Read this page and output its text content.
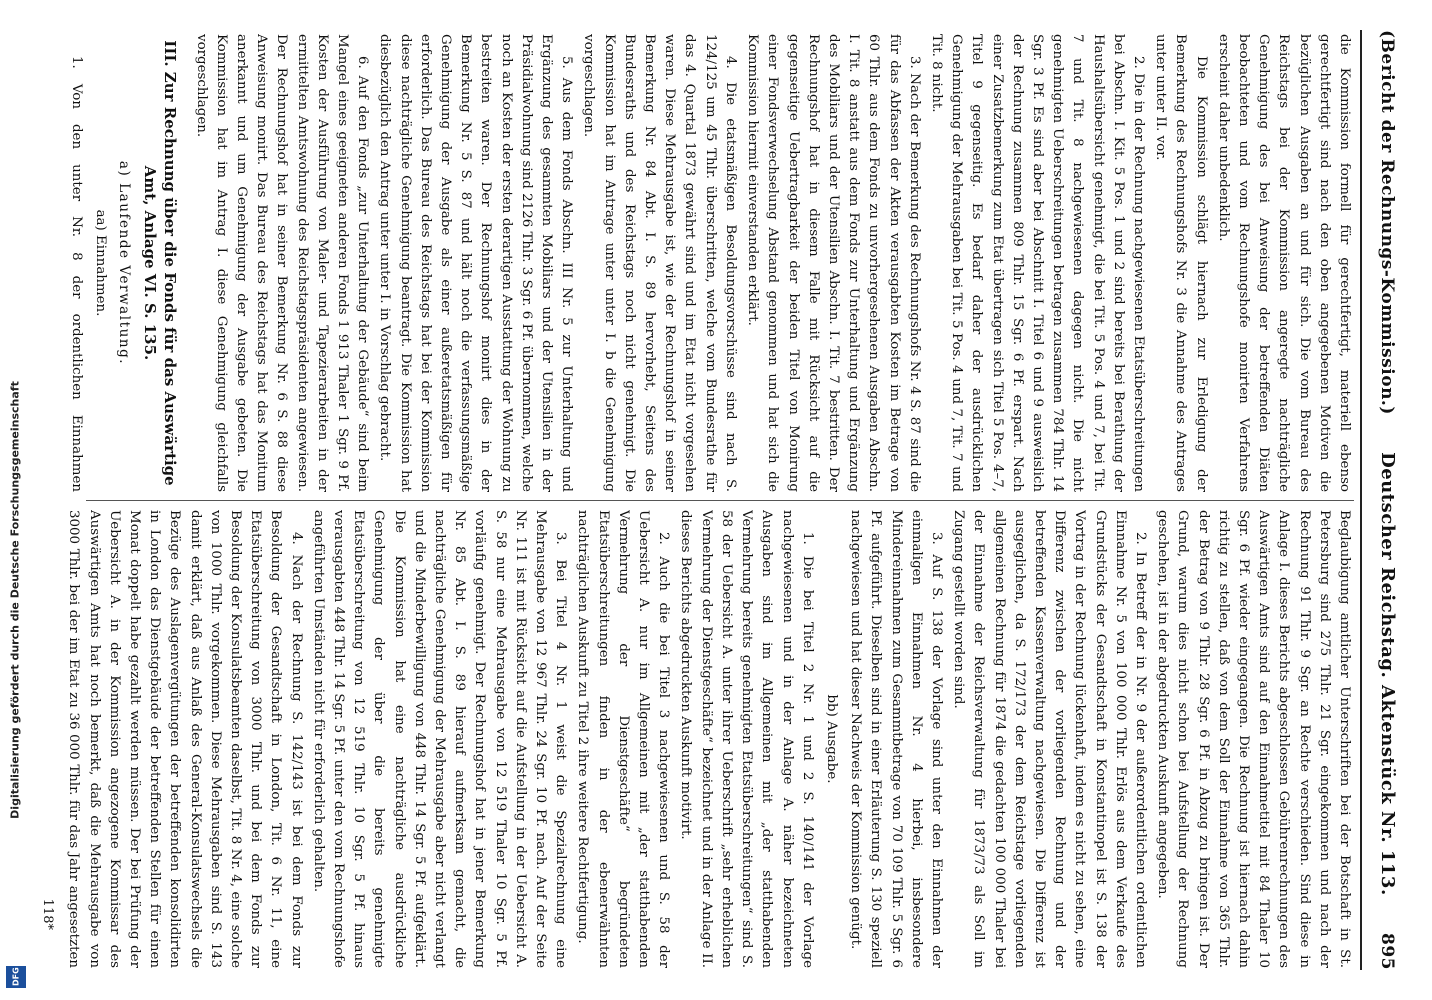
(Bericht der Rechnungs-Kommission.)
Deutscher Reichstag. Aktenstück Nr. 113.
895

die Kommission formell für gerechtfertigt, materiell ebenso gerechtfertigt sind nach den oben angegebenen Motiven die bezüglichen Ausgaben an und für sich. Die vom Bureau des Reichstags bei der Kommission angeregte nachträgliche Genehmigung des bei Anweisung der betreffenden Diäten beobachteten und vom Rechnungshofe monirten Verfahrens erscheint daher unbedenklich.

Die Kommission schlägt hiernach zur Erledigung der Bemerkung des Rechnungshofs Nr. 3 die Annahme des Antrages unter unter II. vor.

2. Die in der Rechnung nachgewiesenen Etatsüberschreitungen bei Abschn. I. Kit. 5 Pos. 1 und 2 sind bereits bei Berathung der Haushaltsübersicht genehmigt, die bei Tit. 5 Pos. 4 und 7, bei Tit. 7 und Tit. 8 nachgewiesenen dagegen nicht. Die nicht genehmigten Ueberschreitungen betragen zusammen 784 Thlr. 14 Sgr. 3 Pf. Es sind aber bei Abschnitt I. Titel 6 und 9 ausweislich der Rechnung zusammen 809 Thlr. 15 Sgr. 6 Pf. erspart. Nach einer Zusatzbemerkung zum Etat übertragen sich Titel 5 Pos. 4–7, Titel 9 gegenseitig. Es bedarf daher der ausdrücklichen Genehmigung der Mehrausgaben bei Tit. 5 Pos. 4 und 7, Tit. 7 und Tit. 8 nicht.

3. Nach der Bemerkung des Rechnungshofs Nr. 4 S. 87 sind die für das Abfassen der Akten verausgabten Kosten im Betrage von 60 Thlr. aus dem Fonds zu unvorhergesehenen Ausgaben Abschn. I. Tit. 8 anstatt aus dem Fonds zur Unterhaltung und Ergänzung des Mobiliars und der Utensilien Abschn. I. Tit. 7 bestritten. Der Rechnungshof hat in diesem Falle mit Rücksicht auf die gegenseitige Uebertragbarkeit der beiden Titel von Monirung einer Fondsverwechselung Abstand genommen und hat sich die Kommission hiermit einverstanden erklärt.

4. Die etatsmäßigen Besoldungsvorschüsse sind nach S. 124/125 um 45 Thlr. überschritten, welche vom Bundesrathe für das 4. Quartal 1873 gewährt sind und im Etat nicht vorgesehen waren. Diese Mehrausgabe ist, wie der Rechnungshof in seiner Bemerkung Nr. 84 Abt. I. S. 89 hervorhebt, Seitens des Bundesraths und des Reichstags noch nicht genehmigt. Die Kommission hat im Antrage unter unter I. b die Genehmigung vorgeschlagen.

5. Aus dem Fonds Abschn. III Nr. 5 zur Unterhaltung und Ergänzung des gesammten Mobiliars und der Utensilien in der Präsidialwohnung sind 2126 Thlr. 3 Sgr. 6 Pf. übernommen, welche noch an Kosten der ersten derartigen Ausstattung der Wohnung zu bestreiten waren. Der Rechnungshof monirt dies in der Bemerkung Nr. 5 S. 87 und hält noch die verfassungsmäßige Genehmigung der Ausgabe als einer außeretatsmäßigen für erforderlich. Das Bureau des Reichstags hat bei der Kommission diese nachträgliche Genehmigung beantragt. Die Kommission hat diesbezüglich den Antrag unter unter I. in Vorschlag gebracht.

6. Auf den Fonds „zur Unterhaltung der Gebäude“ sind beim Mangel eines geeigneten anderen Fonds 1 913 Thaler 1 Sgr. 9 Pf. Kosten der Ausführung von Maler- und Tapezierarbeiten in der ermittelten Amtswohnung des Reichstagspräsidenten angewiesen. Der Rechnungshof hat in seiner Bemerkung Nr. 6 S. 88 diese Anweisung monirt. Das Bureau des Reichstags hat das Monitum anerkannt und um Genehmigung der Ausgabe gebeten. Die Kommission hat im Antrag I. diese Genehmigung gleichfalls vorgeschlagen.

III. Zur Rechnung über die Fonds für das Auswärtige Amt, Anlage VI. S. 135.
a) Laufende Verwaltung.
aa) Einnahmen.

1. Von den unter Nr. 8 der ordentlichen Einnahmen

Beglaubigung amtlicher Unterschriften bei der Botschaft in St. Petersburg sind 275 Thlr. 21 Sgr. eingekommen und nach der Rechnung 91 Thlr. 9 Sgr. an Rechte verschieden. Sind diese in Anlage I. dieses Berichts abgeschlossen Gebührenrechnungen des Auswärtigen Amts sind auf den Einnahmetitel mit 84 Thaler 10 Sgr. 6 Pf. wieder eingegangen. Die Rechnung ist hiernach dahin richtig zu stellen, daß von dem Soll der Einnahme von 365 Thlr. der Betrag von 9 Thlr. 28 Sgr. 6 Pf. in Abzug zu bringen ist. Der Grund, warum dies nicht schon bei Aufstellung der Rechnung geschehen, ist in der abgedruckten Auskunft angegeben.

2. In Betreff der in Nr. 9 der außerordentlichen ordentlichen Einnahme Nr. 5 von 100 000 Thlr. Erlös aus dem Verkaufe des Grundstücks der Gesandtschaft in Konstantinopel ist S. 138 der Vortrag in der Rechnung lückenhaft, indem es nicht zu sehen, eine Differenz zwischen der vorliegenden Rechnung und der betreffenden Kassenverwaltung nachgewiesen. Die Differenz ist ausgeglichen, da S. 172/173 der dem Reichstage vorliegenden allgemeinen Rechnung für 1874 die gedachten 100 000 Thaler bei der Einnahme der Reichsverwaltung für 1873/73 als Soll im Zugang gestellt worden sind.

3. Auf S. 138 der Vorlage sind unter den Einnahmen der einmaligen Einnahmen Nr. 4 hierbei, insbesondere Mindereinnahmen zum Gesammtbetrage von 70 109 Thlr. 5 Sgr. 6 Pf. aufgeführt. Dieselben sind in einer Erläuterung S. 130 speziell nachgewiesen und hat dieser Nachweis der Kommission genügt.

bb) Ausgabe.

1. Die bei Titel 2 Nr. 1 und 2 S. 140/141 der Vorlage nachgewiesenen und in der Anlage A. näher bezeichneten Ausgaben sind im Allgemeinen mit „der statthabenden Vermehrung bereits genehmigten Etatsüberschreitungen“ sind S. 58 der Uebersicht A. unter ihrer Ueberschrift „sehr erheblichen Vermehrung der Dienstgeschäfte“ bezeichnet und in der Anlage II. dieses Berichts abgedruckten Auskunft motivirt.

2. Auch die bei Titel 3 nachgewiesenen und S. 58 der Uebersicht A. nur im Allgemeinen mit „der statthabenden Vermehrung der Dienstgeschäfte“ begründeten Etatsüberschreitungen finden in der ebenerwähnten nachträglichen Auskunft zu Titel 2 ihre weitere Rechtfertigung.

3. Bei Titel 4 Nr. 1 weist die Spezialrechnung eine Mehrausgabe von 12 967 Thlr. 24 Sgr. 10 Pf. nach. Auf der Seite Nr. 111 ist mit Rücksicht auf die Aufstellung in der Uebersicht A. S. 58 nur eine Mehrausgabe von 12 519 Thaler 10 Sgr. 5 Pf. vorläufig genehmigt. Der Rechnungshof hat in jener Bemerkung Nr. 85 Abt. I. S. 89 hierauf aufmerksam gemacht, die nachträgliche Genehmigung der Mehrausgabe aber nicht verlangt und die Minderbewilligung von 448 Thlr. 14 Sgr. 5 Pf. aufgeklärt. Die Kommission hat eine nachträgliche ausdrückliche Genehmigung der über die bereits genehmigte Etatsüberschreitung von 12 519 Thlr. 10 Sgr. 5 Pf. hinaus verausgabten 448 Thlr. 14 Sgr. 5 Pf. unter den vom Rechnungshofe angeführten Umständen nicht für erforderlich gehalten.

4. Nach der Rechnung S. 142/143 ist bei dem Fonds zur Besoldung der Gesandtschaft in London, Tit. 6 Nr. 11, eine Etatsüberschreitung von 3000 Thlr. und bei dem Fonds zur Besoldung der Konsulatsbeamten daselbst, Tit. 8 Nr. 4, eine solche von 1000 Thlr. vorgekommen. Diese Mehrausgaben sind S. 143 damit erklärt, daß aus Anlaß des General-Konsulatswechsels die Bezüge des Auslagenvergütungen der betreffenden konsolidirten in London das Dienstgebäude der betreffenden Stellen für einen Monat doppelt habe gezahlt werden müssen. Der bei Prüfung der Uebersicht A. in der Kommission angezogene Kommissar des Auswärtigen Amts hat noch bemerkt, daß die Mehrausgabe von 3000 Thlr. bei der im Etat zu 36 000 Thlr. für das Jahr angesetzten

118*
Digitalisierung gefördert durch die Deutsche Forschungsgemeinschaft
DFG
